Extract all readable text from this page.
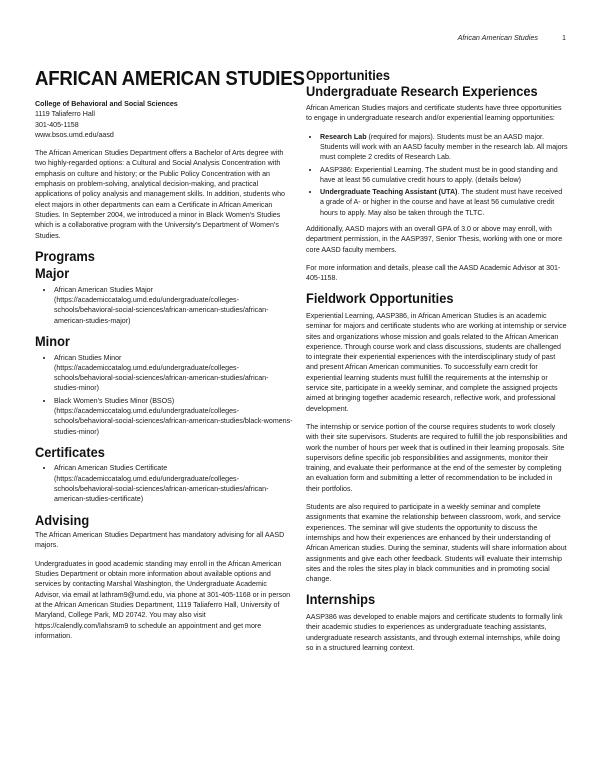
African American Studies	1
AFRICAN AMERICAN STUDIES
College of Behavioral and Social Sciences
1119 Taliaferro Hall
301-405-1158
www.bsos.umd.edu/aasd

The African American Studies Department offers a Bachelor of Arts degree with two highly-regarded options: a Cultural and Social Analysis Concentration with emphasis on culture and history; or the Public Policy Concentration with an emphasis on problem-solving, analytical decision-making, and practical applications of policy analysis and management skills. In addition, students who elect majors in other departments can earn a Certificate in African American Studies. In September 2004, we introduced a minor in Black Women's Studies which is a collaborative program with the University's Department of Women's Studies.

Programs
Major
• African American Studies Major (https://academiccatalog.umd.edu/undergraduate/colleges-schools/behavioral-social-sciences/african-american-studies/african-american-studies-major)
Minor
• African Studies Minor (https://academiccatalog.umd.edu/undergraduate/colleges-schools/behavioral-social-sciences/african-american-studies/african-studies-minor)
• Black Women's Studies Minor (BSOS) (https://academiccatalog.umd.edu/undergraduate/colleges-schools/behavioral-social-sciences/african-american-studies/black-womens-studies-minor)
Certificates
• African American Studies Certificate (https://academiccatalog.umd.edu/undergraduate/colleges-schools/behavioral-social-sciences/african-american-studies/african-american-studies-certificate)
Advising

The African American Studies Department has mandatory advising for all AASD majors.

Undergraduates in good academic standing may enroll in the African American Studies Department or obtain more information about available options and services by contacting Marshal Washington, the Undergraduate Academic Advisor, via email at lathram9@umd.edu, via phone at 301-405-1168 or in person at the African American Studies Department, 1119 Taliaferro Hall, University of Maryland, College Park, MD 20742. You may also visit https://calendly.com/lahsram9 to schedule an appointment and get more information.

Opportunities
Undergraduate Research Experiences

African American Studies majors and certificate students have three opportunities to engage in undergraduate research and/or experiential learning opportunities:

• Research Lab (required for majors). Students must be an AASD major. Students will work with an AASD faculty member in the research lab. All majors must complete 2 credits of Research Lab.
• AASP386: Experiential Learning. The student must be in good standing and have at least 56 cumulative credit hours to apply. (details below)
• Undergraduate Teaching Assistant (UTA). The student must have received a grade of A- or higher in the course and have at least 56 cumulative credit hours to apply. May also be taken through the TLTC.

Additionally, AASD majors with an overall GPA of 3.0 or above may enroll, with department permission, in the AASP397, Senior Thesis, working with one or more core AASD faculty members.

For more information and details, please call the AASD Academic Advisor at 301-405-1158.

Fieldwork Opportunities

Experiential Learning, AASP386, in African American Studies is an academic seminar for majors and certificate students who are working at internship or service sites and organizations whose mission and goals related to the African American experience. Through course work and class discussions, students are challenged to integrate their experiential experiences with the interdisciplinary study of past and present African American communities. To successfully earn credit for experiential learning students must fulfill the requirements at the internship or service site, participate in a weekly seminar, and complete the assigned projects aimed at bringing together academic research, reflective work, and professional development.

The internship or service portion of the course requires students to work closely with their site supervisors. Students are required to fulfill the job responsibilities and work the number of hours per week that is outlined in their learning proposals. Site supervisors define specific job responsibilities and assignments, monitor their training, and evaluate their performance at the end of the semester by completing an evaluation form and submitting a letter of recommendation to be included in their portfolios.

Students are also required to participate in a weekly seminar and complete assignments that examine the relationship between classroom, work, and service experiences. The seminar will give students the opportunity to discuss the internships and how their experiences are enhanced by their understanding of African American studies. During the seminar, students will share information about assignments and give each other feedback. Students will evaluate their internship sites and the roles the sites play in black communities and in promoting social change.

Internships

AASP386 was developed to enable majors and certificate students to formally link their academic studies to experiences as undergraduate teaching assistants, undergraduate research assistants, and through external internships, while doing so in a structured learning context.
